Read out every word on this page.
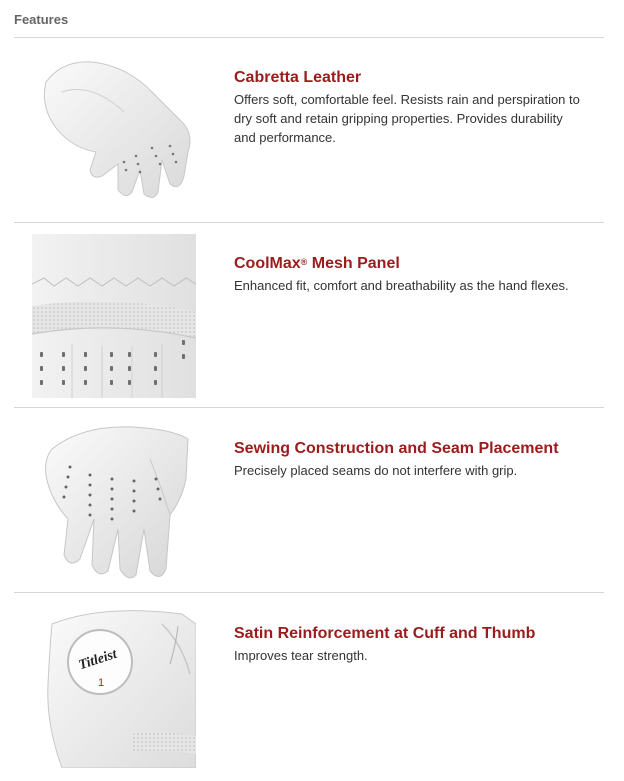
Features

Cabretta Leather

Offers soft, comfortable feel. Resists rain and perspiration to dry soft and retain gripping properties. Provides durability and performance.

CoolMax® Mesh Panel

Enhanced fit, comfort and breathability as the hand flexes.

Sewing Construction and Seam Placement

Precisely placed seams do not interfere with grip.

Titleist
1

Satin Reinforcement at Cuff and Thumb

Improves tear strength.
